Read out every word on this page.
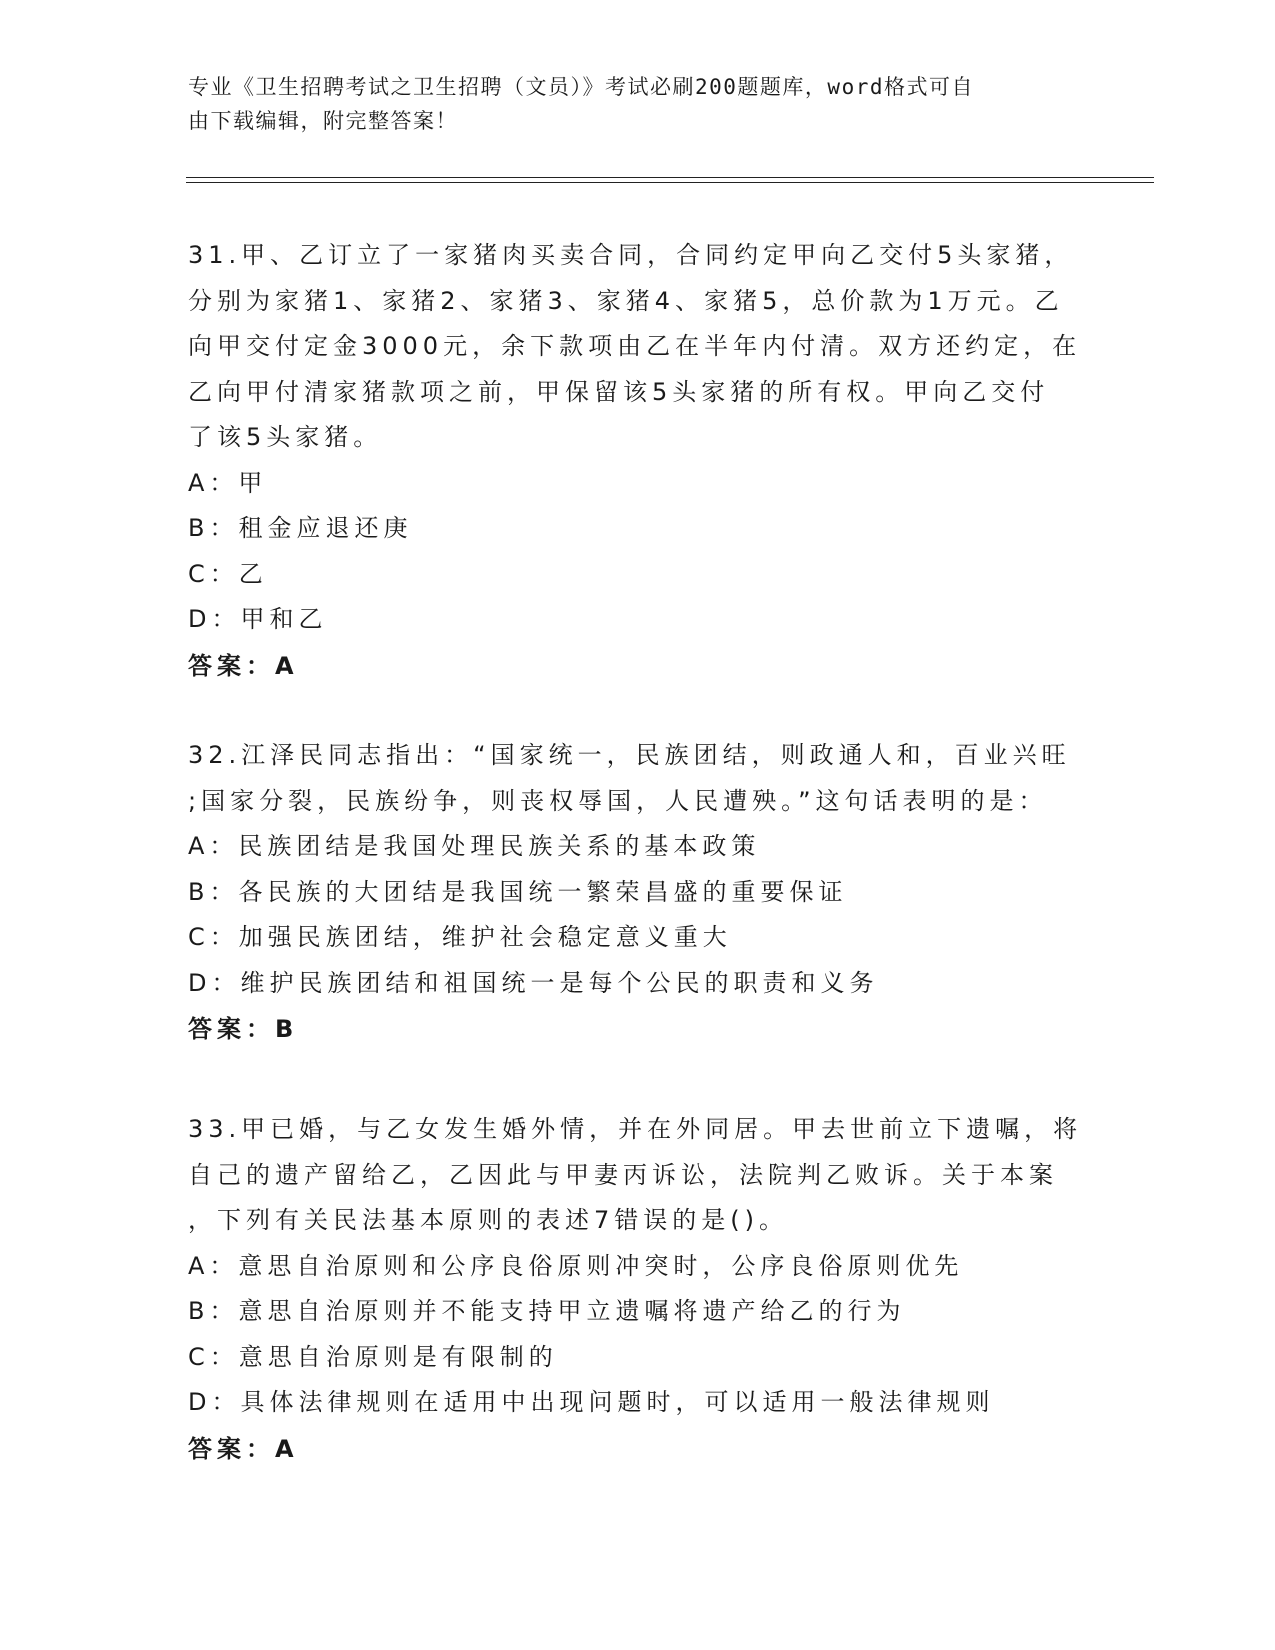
专业《卫生招聘考试之卫生招聘（文员）》考试必刷200题题库，word格式可自

由下载编辑，附完整答案！

31.甲、乙订立了一家猪肉买卖合同，合同约定甲向乙交付5头家猪，

分别为家猪1、家猪2、家猪3、家猪4、家猪5，总价款为1万元。乙

向甲交付定金3000元，余下款项由乙在半年内付清。双方还约定，在

乙向甲付清家猪款项之前，甲保留该5头家猪的所有权。甲向乙交付

了该5头家猪。

A：甲

B：租金应退还庚

C：乙

D：甲和乙

答案：A

32.江泽民同志指出：“国家统一，民族团结，则政通人和，百业兴旺

;国家分裂，民族纷争，则丧权辱国，人民遭殃。”这句话表明的是：

A：民族团结是我国处理民族关系的基本政策

B：各民族的大团结是我国统一繁荣昌盛的重要保证

C：加强民族团结，维护社会稳定意义重大

D：维护民族团结和祖国统一是每个公民的职责和义务

答案：B

33.甲已婚，与乙女发生婚外情，并在外同居。甲去世前立下遗嘱，将

自己的遗产留给乙，乙因此与甲妻丙诉讼，法院判乙败诉。关于本案

，下列有关民法基本原则的表述7错误的是()。

A：意思自治原则和公序良俗原则冲突时，公序良俗原则优先

B：意思自治原则并不能支持甲立遗嘱将遗产给乙的行为

C：意思自治原则是有限制的

D：具体法律规则在适用中出现问题时，可以适用一般法律规则

答案：A
